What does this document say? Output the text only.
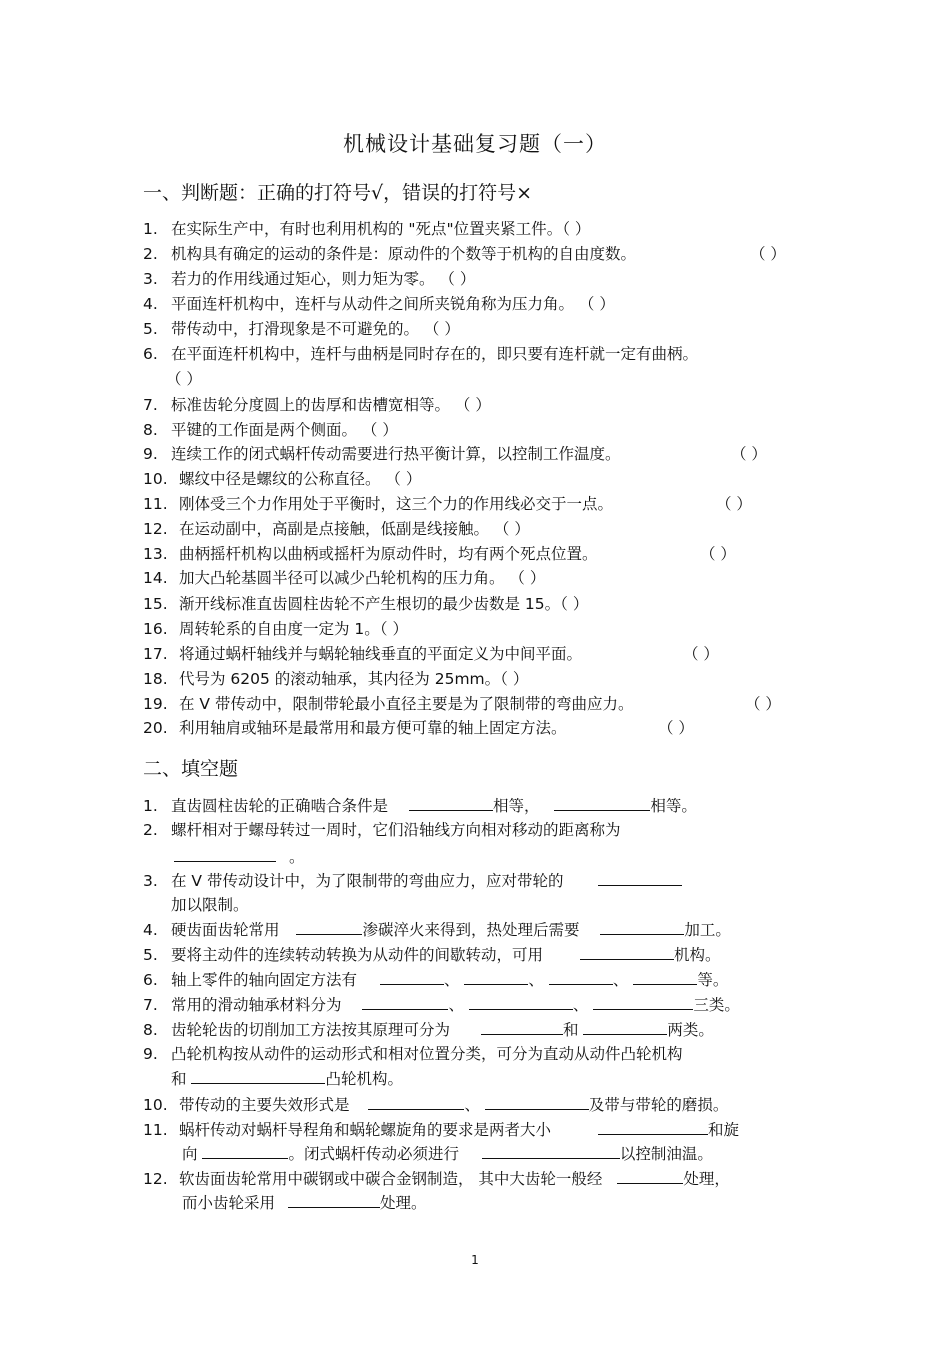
机械设计基础复习题（一）
一、判断题：正确的打符号√，错误的打符号×
1. 在实际生产中，有时也利用机构的 "死点"位置夹紧工件。（ ）
2. 机构具有确定的运动的条件是：原动件的个数等于机构的自由度数。	（ ）
3. 若力的作用线通过矩心，则力矩为零。 （ ）
4. 平面连杆机构中，连杆与从动件之间所夹锐角称为压力角。 （ ）
5. 带传动中，打滑现象是不可避免的。 （ ）
6. 在平面连杆机构中，连杆与曲柄是同时存在的，即只要有连杆就一定有曲柄。
（ ）
7. 标准齿轮分度圆上的齿厚和齿槽宽相等。 （ ）
8. 平键的工作面是两个侧面。 （ ）
9. 连续工作的闭式蜗杆传动需要进行热平衡计算，以控制工作温度。	（ ）
10. 螺纹中径是螺纹的公称直径。 （ ）
11. 刚体受三个力作用处于平衡时，这三个力的作用线必交于一点。	（ ）
12. 在运动副中，高副是点接触，低副是线接触。 （ ）
13. 曲柄摇杆机构以曲柄或摇杆为原动件时，均有两个死点位置。	（ ）
14. 加大凸轮基圆半径可以减少凸轮机构的压力角。 （ ）
15. 渐开线标准直齿圆柱齿轮不产生根切的最少齿数是 15。（ ）
16. 周转轮系的自由度一定为 1。（ ）
17. 将通过蜗杆轴线并与蜗轮轴线垂直的平面定义为中间平面。	（ ）
18. 代号为 6205 的滚动轴承，其内径为 25mm。（ ）
19. 在 V 带传动中，限制带轮最小直径主要是为了限制带的弯曲应力。	（ ）
20. 利用轴肩或轴环是最常用和最方便可靠的轴上固定方法。	（ ）
二、填空题
1. 直齿圆柱齿轮的正确啮合条件是	相等，	相等。
2. 螺杆相对于螺母转过一周时，它们沿轴线方向相对移动的距离称为
。
3. 在 V 带传动设计中，为了限制带的弯曲应力，应对带轮的
加以限制。
4. 硬齿面齿轮常用	渗碳淬火来得到，热处理后需要	加工。
5. 要将主动件的连续转动转换为从动件的间歇转动，可用	机构。
6. 轴上零件的轴向固定方法有	、	、	、	等。
7. 常用的滑动轴承材料分为	、	、	三类。
8. 齿轮轮齿的切削加工方法按其原理可分为	和	两类。
9. 凸轮机构按从动件的运动形式和相对位置分类，可分为直动从动件凸轮机构
和	凸轮机构。
10. 带传动的主要失效形式是	、	及带与带轮的磨损。
11. 蜗杆传动对蜗杆导程角和蜗轮螺旋角的要求是两者大小	和旋
向	。闭式蜗杆传动必须进行	以控制油温。
12. 软齿面齿轮常用中碳钢或中碳合金钢制造， 其中大齿轮一般经	处理，
而小齿轮采用	处理。
1
